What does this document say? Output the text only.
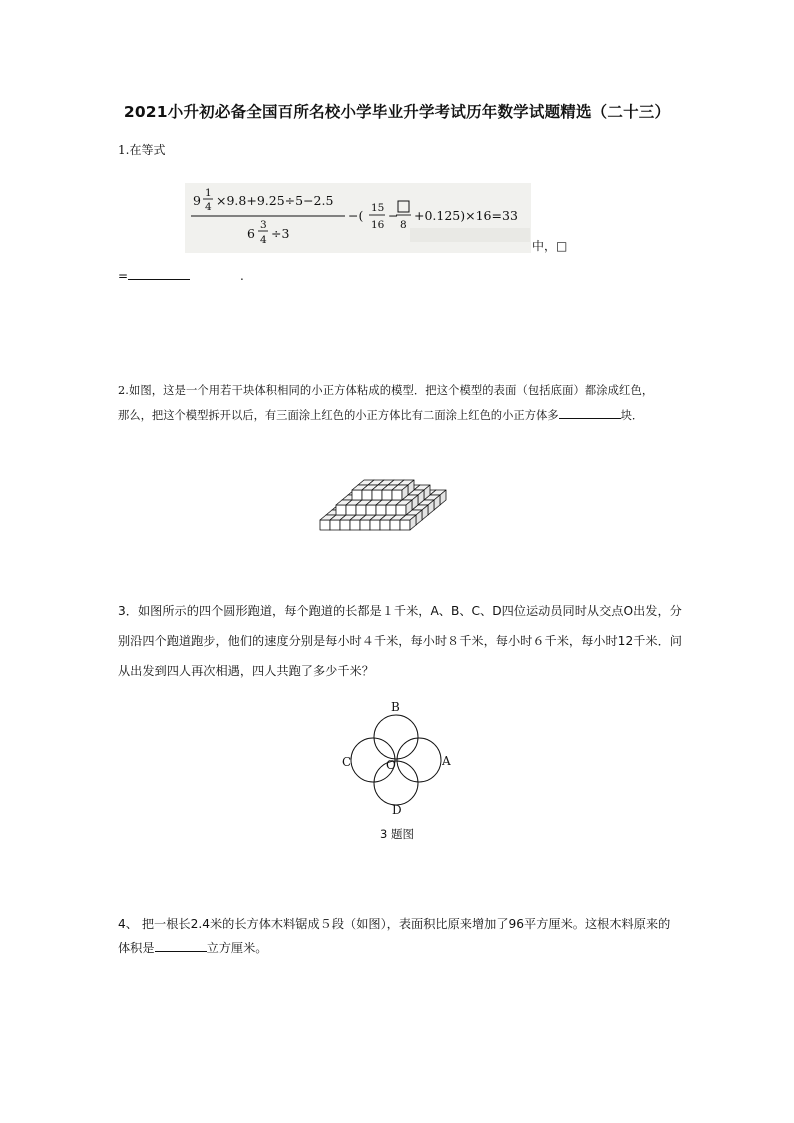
2021小升初必备全国百所名校小学毕业升学考试历年数学试题精选（二十三）
1.在等式
9 1
4 ×9.8+9.25÷5−2.5
6
3
4 ÷3
−( 15
16
−
8
+0.125)×16=33
中，□
=	.
2.如图，这是一个用若干块体积相同的小正方体粘成的模型．把这个模型的表面（包括底面）都涂成红色，
那么，把这个模型拆开以后，有三面涂上红色的小正方体比有二面涂上红色的小正方体多	块．
3．如图所示的四个圆形跑道，每个跑道的长都是１千米，A、B、C、D四位运动员同时从交点O出发，分
别沿四个跑道跑步，他们的速度分别是每小时４千米，每小时８千米，每小时６千米，每小时12千米．问
从出发到四人再次相遇，四人共跑了多少千米？
B
A
C
D
O
3 题图
4、 把一根长2.4米的长方体木料锯成５段（如图），表面积比原来增加了96平方厘米。这根木料原来的
体积是	立方厘米。
